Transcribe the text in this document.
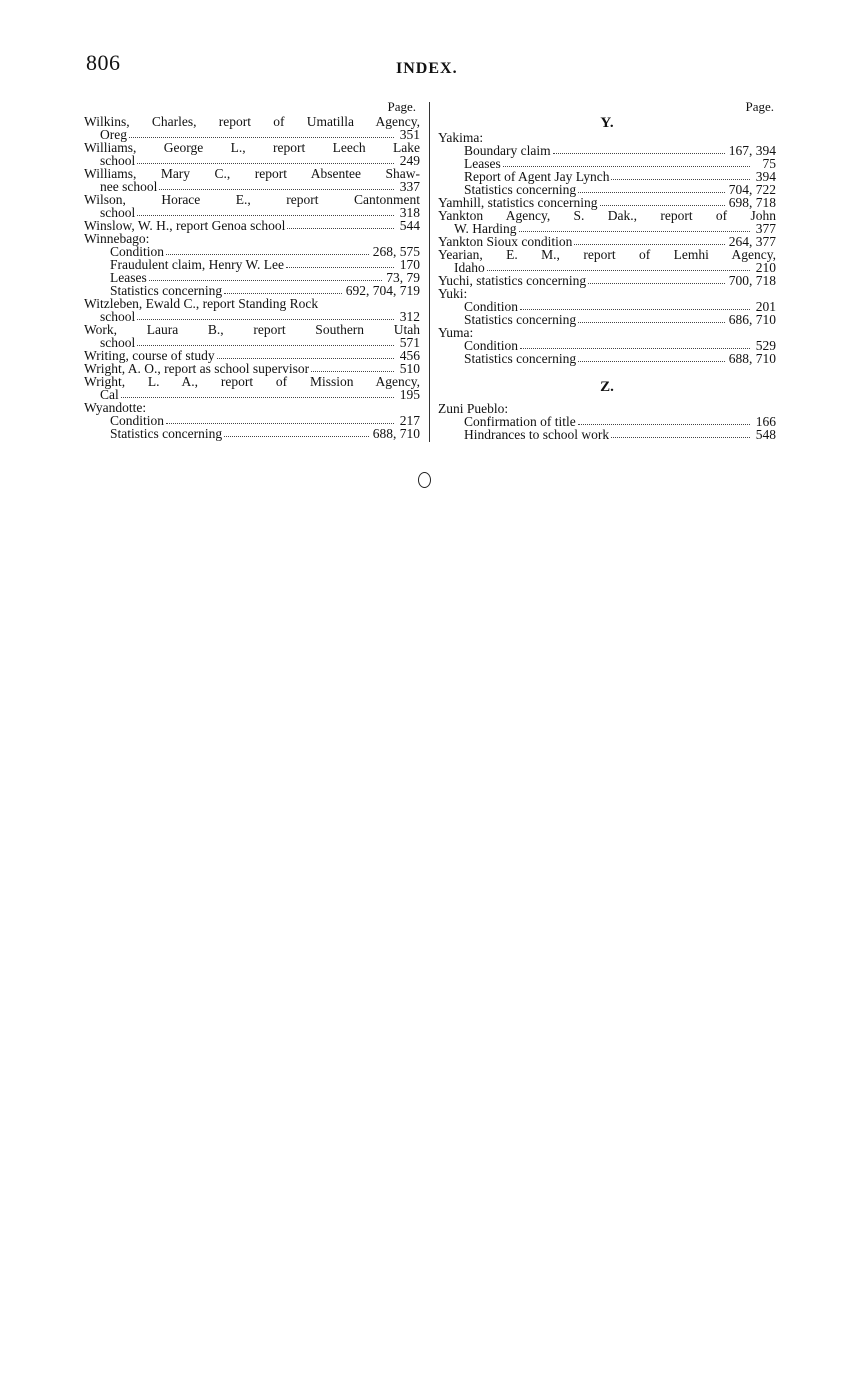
806	INDEX.
Page.
Wilkins, Charles, report of Umatilla Agency,
Oreg	351
Williams, George L., report Leech Lake
school	249
Williams, Mary C., report Absentee Shaw-
nee school	337
Wilson, Horace E., report Cantonment
school	318
Winslow, W. H., report Genoa school	544
Winnebago:
Condition	268, 575
Fraudulent claim, Henry W. Lee	170
Leases	73, 79
Statistics concerning	692, 704, 719
Witzleben, Ewald C., report Standing Rock
school	312
Work, Laura B., report Southern Utah
school	571
Writing, course of study	456
Wright, A. O., report as school supervisor	510
Wright, L. A., report of Mission Agency,
Cal	195
Wyandotte:
Condition	217
Statistics concerning	688, 710
Page.
Y.
Yakima:
Boundary claim	167, 394
Leases	75
Report of Agent Jay Lynch	394
Statistics concerning	704, 722
Yamhill, statistics concerning	698, 718
Yankton Agency, S. Dak., report of John
W. Harding	377
Yankton Sioux condition	264, 377
Yearian, E. M., report of Lemhi Agency,
Idaho	210
Yuchi, statistics concerning	700, 718
Yuki:
Condition	201
Statistics concerning	686, 710
Yuma:
Condition	529
Statistics concerning	688, 710
Z.
Zuni Pueblo:
Confirmation of title	166
Hindrances to school work	548
